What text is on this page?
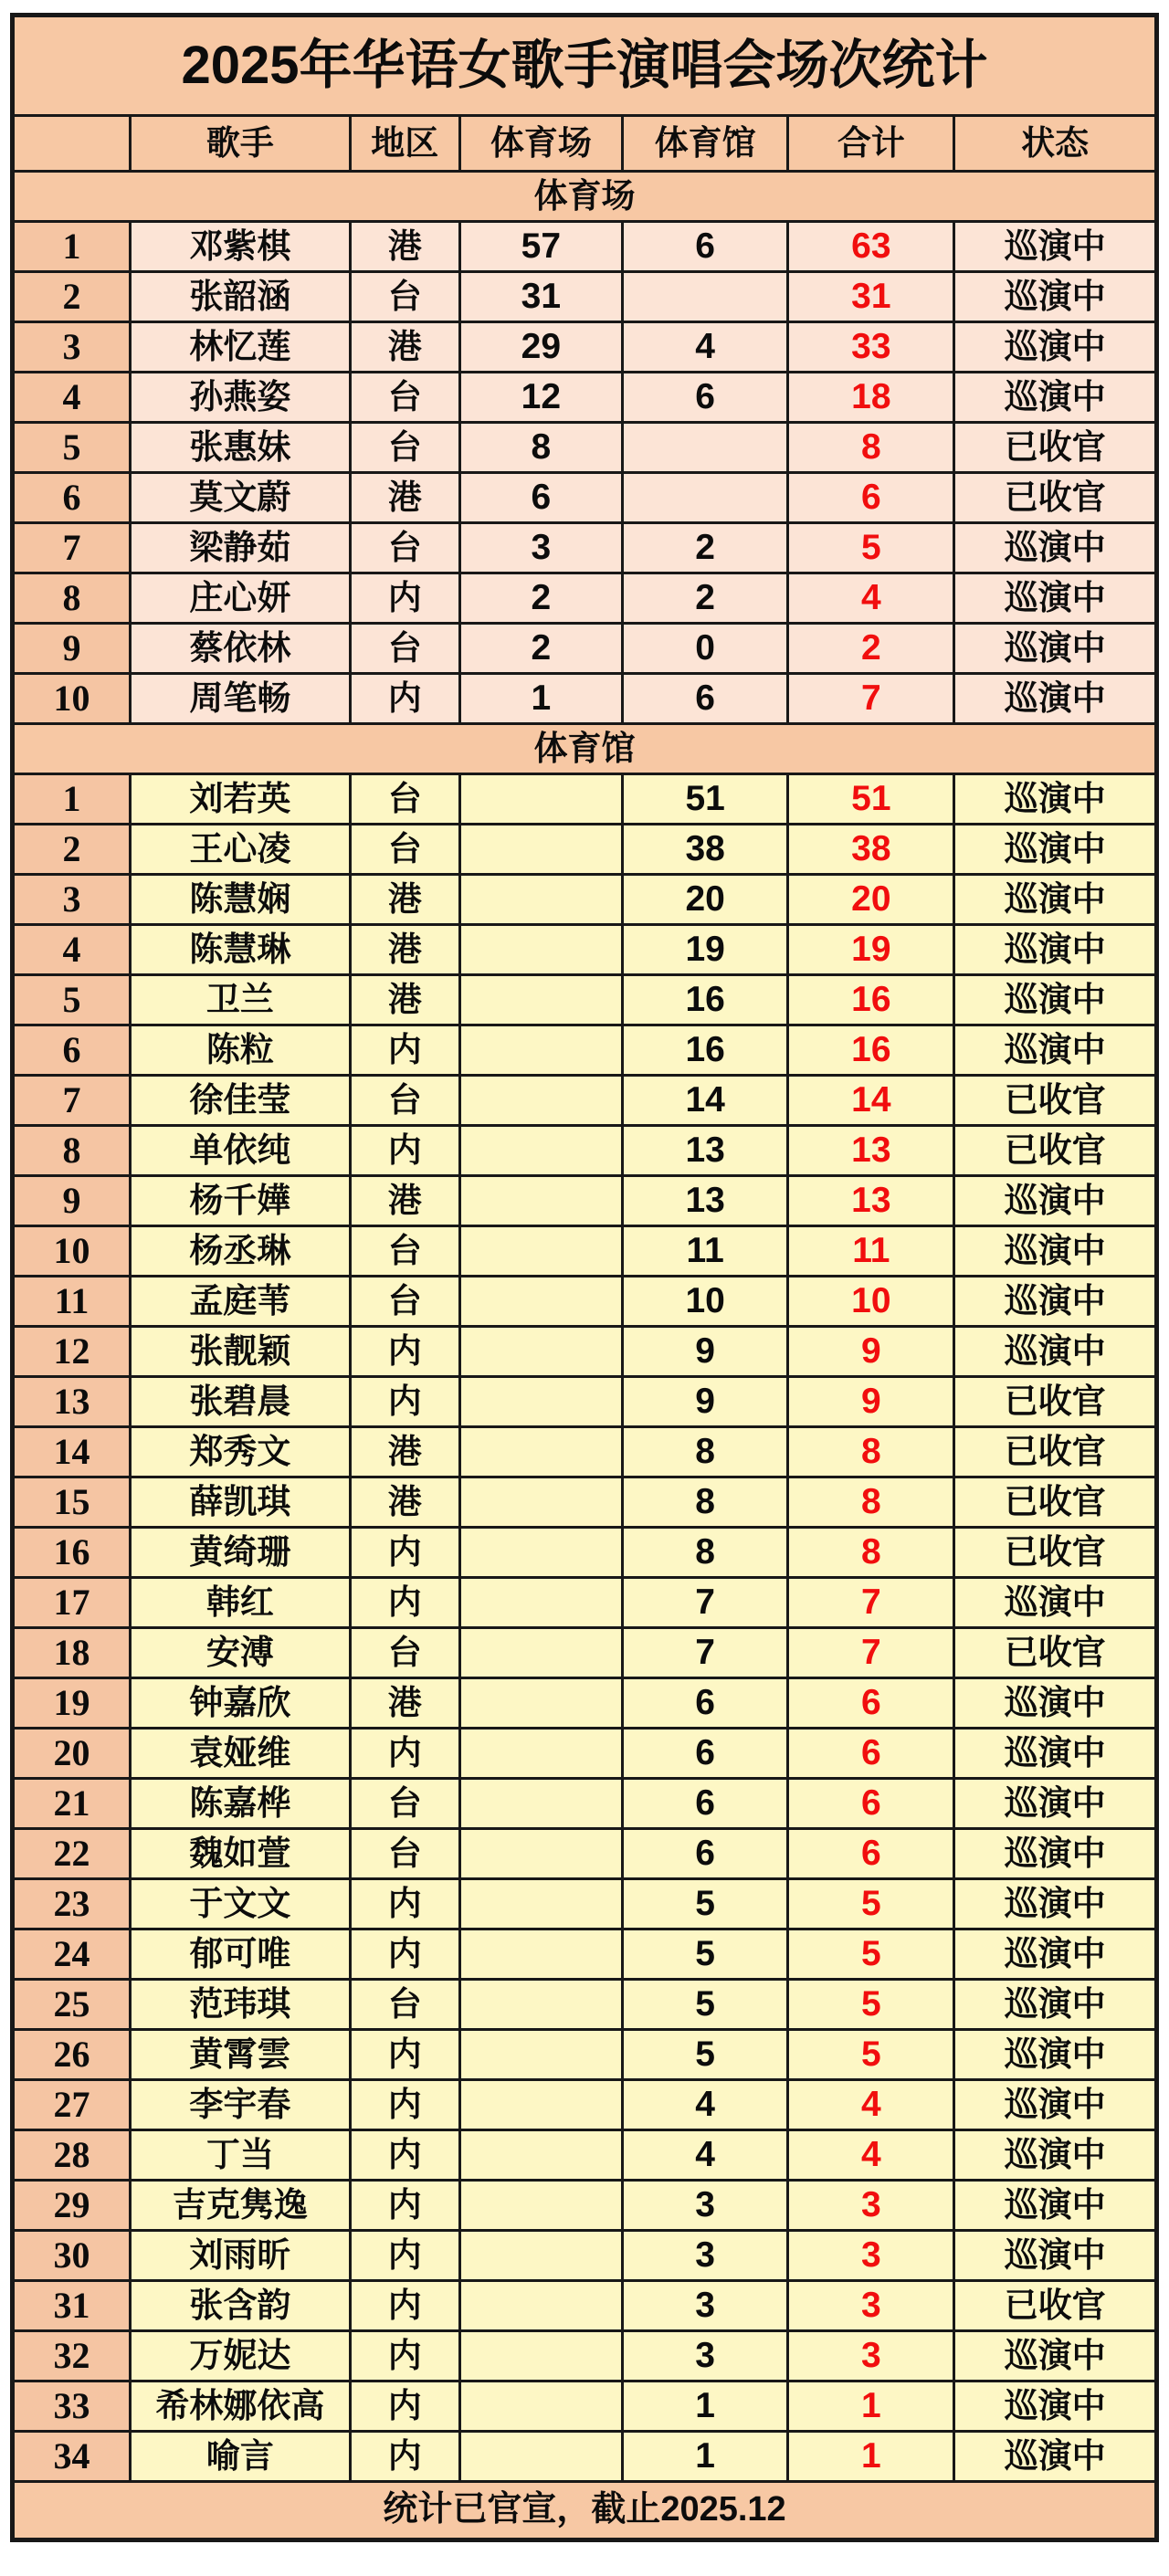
2025年华语女歌手演唱会场次统计						
	歌手	地区	体育场	体育馆	合计	状态
体育场						
1	邓紫棋	港	57	6	63	巡演中
2	张韶涵	台	31		31	巡演中
3	林忆莲	港	29	4	33	巡演中
4	孙燕姿	台	12	6	18	巡演中
5	张惠妹	台	8		8	已收官
6	莫文蔚	港	6		6	已收官
7	梁静茹	台	3	2	5	巡演中
8	庄心妍	内	2	2	4	巡演中
9	蔡依林	台	2	0	2	巡演中
10	周笔畅	内	1	6	7	巡演中
体育馆						
1	刘若英	台		51	51	巡演中
2	王心凌	台		38	38	巡演中
3	陈慧娴	港		20	20	巡演中
4	陈慧琳	港		19	19	巡演中
5	卫兰	港		16	16	巡演中
6	陈粒	内		16	16	巡演中
7	徐佳莹	台		14	14	已收官
8	单依纯	内		13	13	已收官
9	杨千嬅	港		13	13	巡演中
10	杨丞琳	台		11	11	巡演中
11	孟庭苇	台		10	10	巡演中
12	张靓颖	内		9	9	巡演中
13	张碧晨	内		9	9	已收官
14	郑秀文	港		8	8	已收官
15	薛凯琪	港		8	8	已收官
16	黄绮珊	内		8	8	已收官
17	韩红	内		7	7	巡演中
18	安溥	台		7	7	已收官
19	钟嘉欣	港		6	6	巡演中
20	袁娅维	内		6	6	巡演中
21	陈嘉桦	台		6	6	巡演中
22	魏如萱	台		6	6	巡演中
23	于文文	内		5	5	巡演中
24	郁可唯	内		5	5	巡演中
25	范玮琪	台		5	5	巡演中
26	黄霄雲	内		5	5	巡演中
27	李宇春	内		4	4	巡演中
28	丁当	内		4	4	巡演中
29	吉克隽逸	内		3	3	巡演中
30	刘雨昕	内		3	3	巡演中
31	张含韵	内		3	3	已收官
32	万妮达	内		3	3	巡演中
33	希林娜依高	内		1	1	巡演中
34	喻言	内		1	1	巡演中
统计已官宣，截止2025.12						
